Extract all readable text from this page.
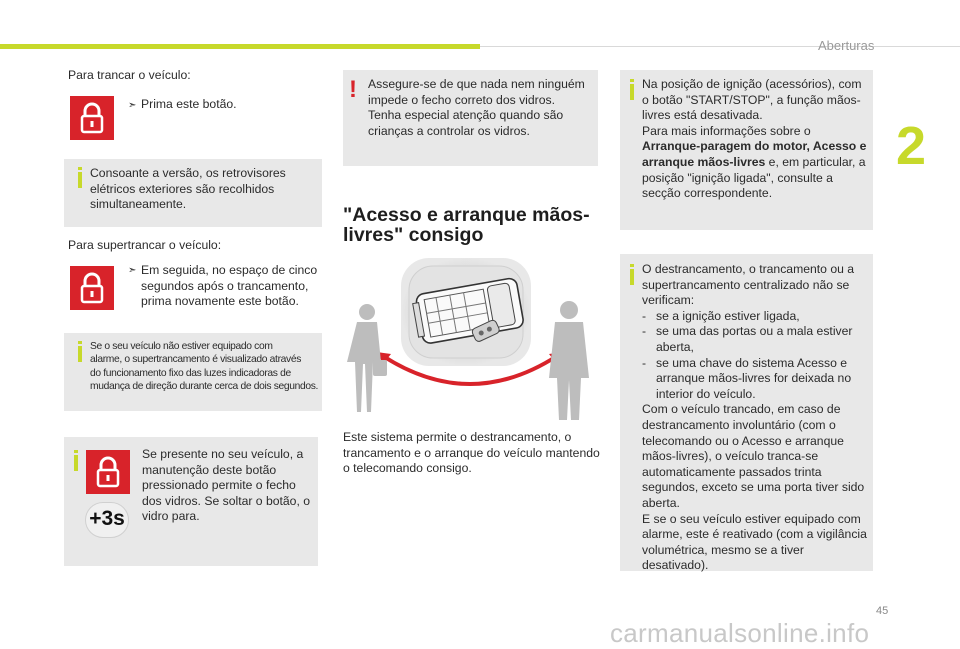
Aberturas
2
Para trancar o veículo:
➣ Prima este botão.
Consoante a versão, os retrovisores elétricos exteriores são recolhidos simultaneamente.
Para supertrancar o veículo:
➣ Em seguida, no espaço de cinco segundos após o trancamento, prima novamente este botão.
Se o seu veículo não estiver equipado com
alarme, o supertrancamento é visualizado através
do funcionamento fixo das luzes indicadoras de
mudança de direção durante cerca de dois segundos.
+3s
Se presente no seu veículo, a manutenção deste botão pressionado permite o fecho dos vidros. Se soltar o botão, o vidro para.
! Assegure-se de que nada nem ninguém impede o fecho correto dos vidros. Tenha especial atenção quando são crianças a controlar os vidros.
"Acesso e arranque mãos-
livres" consigo
Este sistema permite o destrancamento, o trancamento e o arranque do veículo mantendo o telecomando consigo.
Na posição de ignição (acessórios), com o botão "START/STOP", a função mãos-livres está desativada.
Para mais informações sobre o
Arranque-paragem do motor, Acesso e arranque mãos-livres e, em particular, a posição "ignição ligada", consulte a secção correspondente.
O destrancamento, o trancamento ou a supertrancamento centralizado não se verificam:
- se a ignição estiver ligada,
- se uma das portas ou a mala estiver aberta,
- se uma chave do sistema Acesso e arranque mãos-livres for deixada no interior do veículo.
Com o veículo trancado, em caso de destrancamento involuntário (com o telecomando ou o Acesso e arranque mãos-livres), o veículo tranca-se automaticamente passados trinta segundos, exceto se uma porta tiver sido aberta.
E se o seu veículo estiver equipado com alarme, este é reativado (com a vigilância volumétrica, mesmo se a tiver desativado).
45
carmanualsonline.info
